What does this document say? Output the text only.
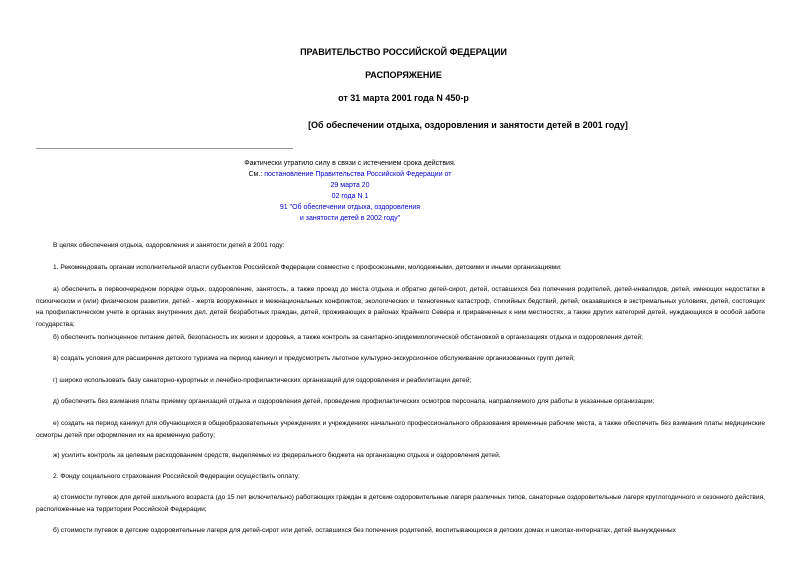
ПРАВИТЕЛЬСТВО РОССИЙСКОЙ ФЕДЕРАЦИИ
РАСПОРЯЖЕНИЕ
от 31 марта 2001 года N 450-р
[Об обеспечении отдыха, оздоровления и занятости детей в 2001 году]
Фактически утратило силу в связи с истечением срока действия.
См.: постановление Правительства Российской Федерации от
29 марта 20
02 года N 1
91 "Об обеспечении отдыха, оздоровления
и занятости детей в 2002 году"
В целях обеспечения отдыха, оздоровления и занятости детей в 2001 году:
1. Рекомендовать органам исполнительной власти субъектов Российской Федерации совместно с профсоюзными, молодежными, детскими и иными организациями:
а) обеспечить в первоочередном порядке отдых, оздоровление, занятость, а также проезд до места отдыха и обратно детей-сирот, детей, оставшихся без попечения родителей, детей-инвалидов, детей, имеющих недостатки в психическом и (или) физическом развитии, детей - жертв вооруженных и межнациональных конфликтов, экологических и техногенных катастроф, стихийных бедствий, детей, оказавшихся в экстремальных условиях, детей, состоящих на профилактическом учете в органах внутренних дел, детей безработных граждан, детей, проживающих в районах Крайнего Севера и приравненных к ним местностях, а также других категорий детей, нуждающихся в особой заботе государства;
б) обеспечить полноценное питание детей, безопасность их жизни и здоровья, а также контроль за санитарно-эпидемиологической обстановкой в организациях отдыха и оздоровления детей;
в) создать условия для расширения детского туризма на период каникул и предусмотреть льготное культурно-экскурсионное обслуживание организованных групп детей;
г) широко использовать базу санаторно-курортных и лечебно-профилактических организаций для оздоровления и реабилитации детей;
д) обеспечить без взимания платы приемку организаций отдыха и оздоровления детей, проведение профилактических осмотров персонала, направляемого для работы в указанные организации;
е) создать на период каникул для обучающихся в общеобразовательных учреждениях и учреждениях начального профессионального образования временные рабочие места, а также обеспечить без взимания платы медицинские осмотры детей при оформлении их на временную работу;
ж) усилить контроль за целевым расходованием средств, выделяемых из федерального бюджета на организацию отдыха и оздоровления детей.
2. Фонду социального страхования Российской Федерации осуществить оплату:
а) стоимости путевок для детей школьного возраста (до 15 лет включительно) работающих граждан в детские оздоровительные лагеря различных типов, санаторные оздоровительные лагеря круглогодичного и сезонного действия, расположенные на территории Российской Федерации;
б) стоимости путевок в детские оздоровительные лагеря для детей-сирот или детей, оставшихся без попечения родителей, воспитывающихся в детских домах и школах-интернатах, детей вынужденных
